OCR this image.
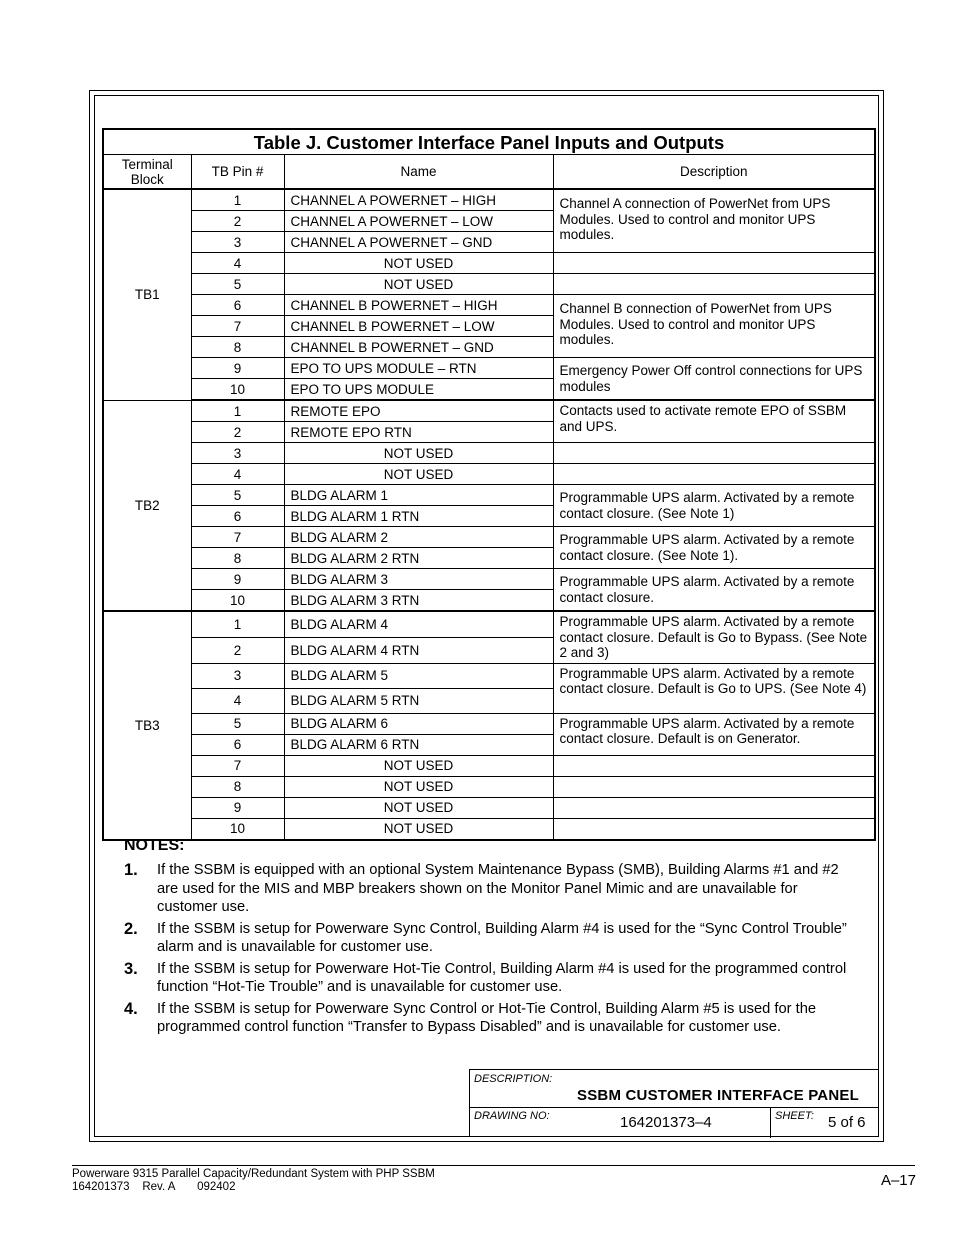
Table J. Customer Interface Panel Inputs and Outputs			
Terminal Block	TB Pin #	Name	Description
TB1	1	CHANNEL A POWERNET – HIGH	Channel A connection of PowerNet from UPS Modules. Used to control and monitor UPS modules.
	2	CHANNEL A POWERNET – LOW	
	3	CHANNEL A POWERNET – GND	
	4	NOT USED	
	5	NOT USED	
	6	CHANNEL B POWERNET – HIGH	Channel B connection of PowerNet from UPS Modules. Used to control and monitor UPS modules.
	7	CHANNEL B POWERNET – LOW	
	8	CHANNEL B POWERNET – GND	
	9	EPO TO UPS MODULE – RTN	Emergency Power Off control connections for UPS modules
	10	EPO TO UPS MODULE	
TB2	1	REMOTE EPO	Contacts used to activate remote EPO of SSBM and UPS.
	2	REMOTE EPO RTN	
	3	NOT USED	
	4	NOT USED	
	5	BLDG ALARM 1	Programmable UPS alarm. Activated by a remote contact closure. (See Note 1)
	6	BLDG ALARM 1 RTN	
	7	BLDG ALARM 2	Programmable UPS alarm. Activated by a remote contact closure. (See Note 1).
	8	BLDG ALARM 2 RTN	
	9	BLDG ALARM 3	Programmable UPS alarm. Activated by a remote contact closure.
	10	BLDG ALARM 3 RTN	
TB3	1	BLDG ALARM 4	Programmable UPS alarm. Activated by a remote contact closure. Default is Go to Bypass. (See Note 2 and 3)
	2	BLDG ALARM 4 RTN	
	3	BLDG ALARM 5	Programmable UPS alarm. Activated by a remote contact closure. Default is Go to UPS. (See Note 4)
	4	BLDG ALARM 5 RTN	
	5	BLDG ALARM 6	Programmable UPS alarm. Activated by a remote contact closure. Default is on Generator.
	6	BLDG ALARM 6 RTN	
	7	NOT USED	
	8	NOT USED	
	9	NOT USED	
	10	NOT USED	
NOTES:
1. If the SSBM is equipped with an optional System Maintenance Bypass (SMB), Building Alarms #1 and #2 are used for the MIS and MBP breakers shown on the Monitor Panel Mimic and are unavailable for customer use.
2. If the SSBM is setup for Powerware Sync Control, Building Alarm #4 is used for the “Sync Control Trouble” alarm and is unavailable for customer use.
3. If the SSBM is setup for Powerware Hot-Tie Control, Building Alarm #4 is used for the programmed control function “Hot-Tie Trouble” and is unavailable for customer use.
4. If the SSBM is setup for Powerware Sync Control or Hot-Tie Control, Building Alarm #5 is used for the programmed control function “Transfer to Bypass Disabled” and is unavailable for customer use.
DESCRIPTION:
SSBM CUSTOMER INTERFACE PANEL
DRAWING NO:	164201373–4	SHEET: 5 of 6
Powerware 9315 Parallel Capacity/Redundant System with PHP SSBM
164201373    Rev. A       092402	A–17
